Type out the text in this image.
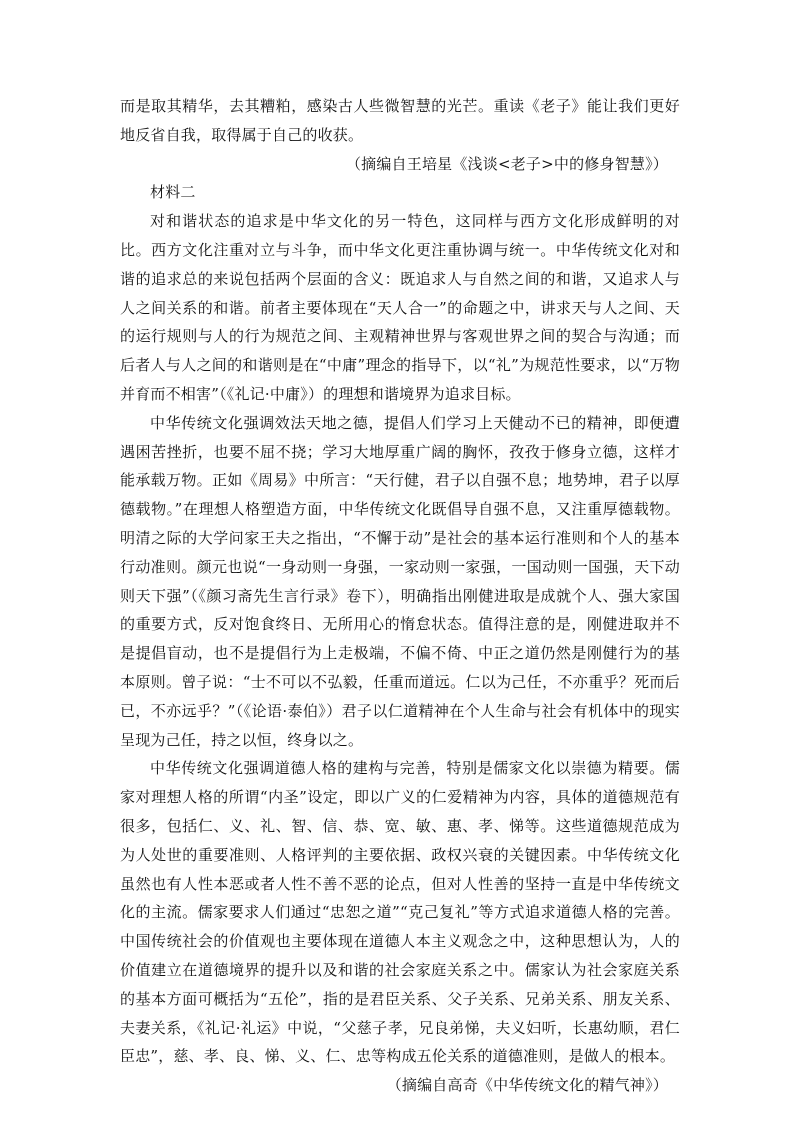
而是取其精华，去其糟粕，感染古人些微智慧的光芒。重读《老子》能让我们更好地反省自我，取得属于自己的收获。

（摘编自王培星《浅谈<老子>中的修身智慧》）

材料二

对和谐状态的追求是中华文化的另一特色，这同样与西方文化形成鲜明的对比。西方文化注重对立与斗争，而中华文化更注重协调与统一。中华传统文化对和谐的追求总的来说包括两个层面的含义：既追求人与自然之间的和谐，又追求人与人之间关系的和谐。前者主要体现在“天人合一”的命题之中，讲求天与人之间、天的运行规则与人的行为规范之间、主观精神世界与客观世界之间的契合与沟通；而后者人与人之间的和谐则是在“中庸”理念的指导下，以“礼”为规范性要求，以“万物并育而不相害”（《礼记·中庸》）的理想和谐境界为追求目标。

中华传统文化强调效法天地之德，提倡人们学习上天健动不已的精神，即便遭遇困苦挫折，也要不屈不挠；学习大地厚重广阔的胸怀，孜孜于修身立德，这样才能承载万物。正如《周易》中所言：“天行健，君子以自强不息；地势坤，君子以厚德载物。”在理想人格塑造方面，中华传统文化既倡导自强不息，又注重厚德载物。明清之际的大学问家王夫之指出，“不懈于动”是社会的基本运行准则和个人的基本行动准则。颜元也说“一身动则一身强，一家动则一家强，一国动则一国强，天下动则天下强”（《颜习斋先生言行录》卷下），明确指出刚健进取是成就个人、强大家国的重要方式，反对饱食终日、无所用心的惰怠状态。值得注意的是，刚健进取并不是提倡盲动，也不是提倡行为上走极端，不偏不倚、中正之道仍然是刚健行为的基本原则。曾子说：“士不可以不弘毅，任重而道远。仁以为己任，不亦重乎？死而后已，不亦远乎？”（《论语·泰伯》）君子以仁道精神在个人生命与社会有机体中的现实呈现为己任，持之以恒，终身以之。

中华传统文化强调道德人格的建构与完善，特别是儒家文化以崇德为精要。儒家对理想人格的所谓“内圣”设定，即以广义的仁爱精神为内容，具体的道德规范有很多，包括仁、义、礼、智、信、恭、宽、敏、惠、孝、悌等。这些道德规范成为为人处世的重要准则、人格评判的主要依据、政权兴衰的关键因素。中华传统文化虽然也有人性本恶或者人性不善不恶的论点，但对人性善的坚持一直是中华传统文化的主流。儒家要求人们通过“忠恕之道”“克己复礼”等方式追求道德人格的完善。中国传统社会的价值观也主要体现在道德人本主义观念之中，这种思想认为，人的价值建立在道德境界的提升以及和谐的社会家庭关系之中。儒家认为社会家庭关系的基本方面可概括为“五伦”，指的是君臣关系、父子关系、兄弟关系、朋友关系、夫妻关系，《礼记·礼运》中说，“父慈子孝，兄良弟悌，夫义妇听，长惠幼顺，君仁臣忠”，慈、孝、良、悌、义、仁、忠等构成五伦关系的道德准则，是做人的根本。

（摘编自高奇《中华传统文化的精气神》）
